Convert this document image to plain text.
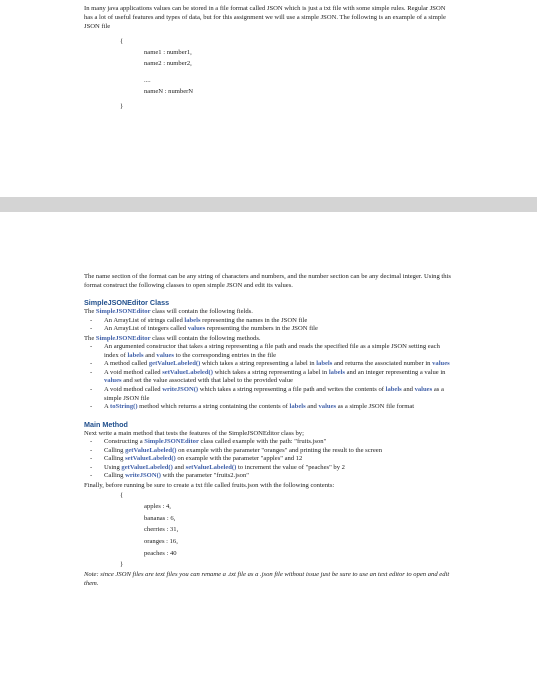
In many java applications values can be stored in a file format called JSON which is just a txt file with some simple rules. Regular JSON has a lot of useful features and types of data, but for this assignment we will use a simple JSON. The following is an example of a simple JSON file

{
name1 : number1,
name2 : number2,
....
nameN : numberN
}

The name section of the format can be any string of characters and numbers, and the number section can be any decimal integer. Using this format construct the following classes to open simple JSON and edit its values.

SimpleJSONEditor Class

The SimpleJSONEditor class will contain the following fields.

- An ArrayList of strings called labels representing the names in the JSON file
- An ArrayList of integers called values representing the numbers in the JSON file

The SimpleJSONEditor class will contain the following methods.

- An argumented constructor that takes a string representing a file path and reads the specified file as a simple JSON setting each index of labels and values to the corresponding entries in the file
- A method called getValueLabeled() which takes a string representing a label in labels and returns the associated number in values
- A void method called setValueLabeled() which takes a string representing a label in labels and an integer representing a value in values and set the value associated with that label to the provided value
- A void method called writeJSON() which takes a string representing a file path and writes the contents of labels and values as a simple JSON file
- A toString() method which returns a string containing the contents of labels and values as a simple JSON file format

Main Method

Next write a main method that tests the features of the SimpleJSONEditor class by;

- Constructing a SimpleJSONEditor class called example with the path: "fruits.json"
- Calling getValueLabeled() on example with the parameter "oranges" and printing the result to the screen
- Calling setValueLabeled() on example with the parameter "apples" and 12
- Using getValueLabeled() and setValueLabeled() to increment the value of "peaches" by 2
- Calling writeJSON() with the parameter "fruits2.json"

Finally, before running be sure to create a txt file called fruits.json with the following contents:

{
apples : 4,
bananas : 6,
cherries : 31,
oranges : 16,
peaches : 40
}

Note: since JSON files are text files you can rename a .txt file as a .json file without issue just be sure to use an text editor to open and edit them.
